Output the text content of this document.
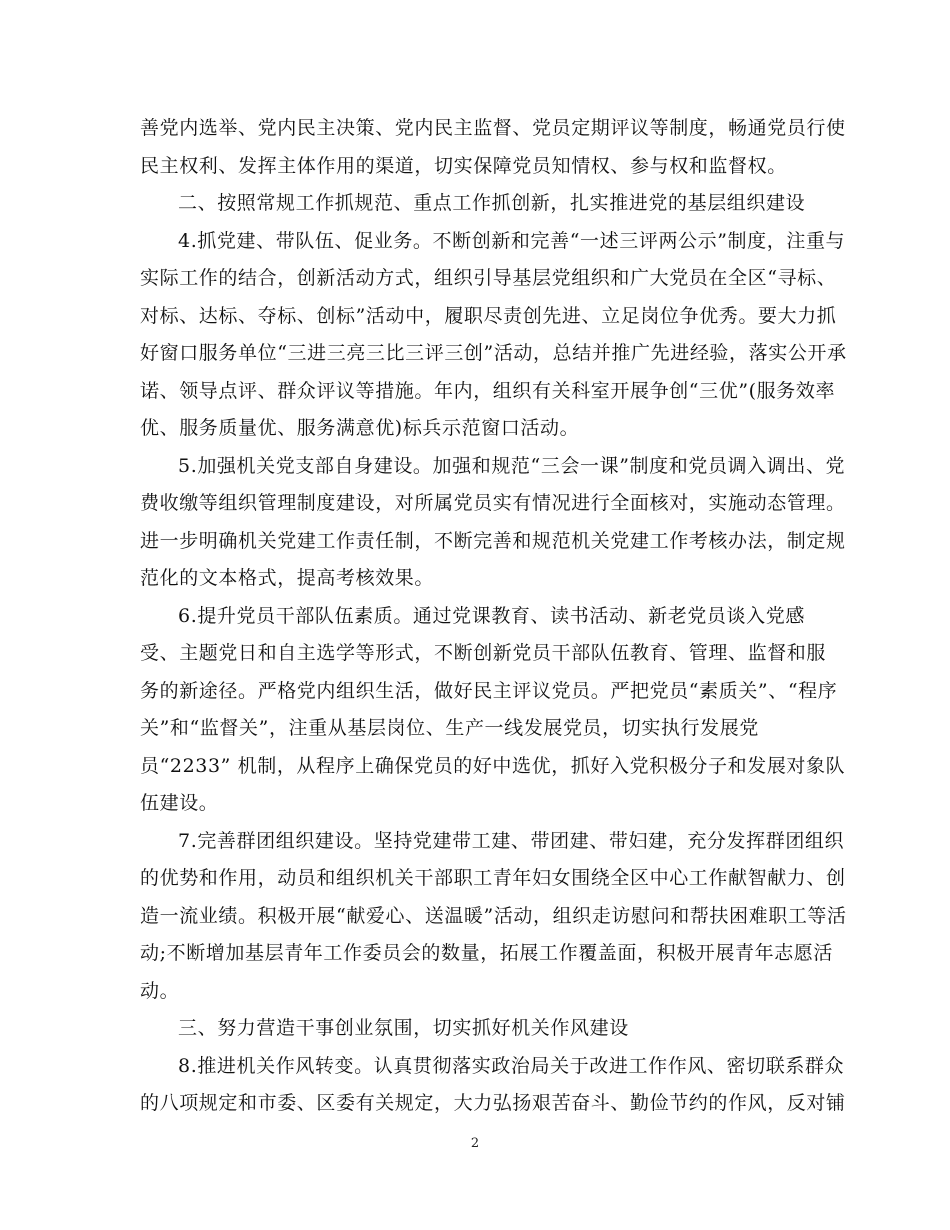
善党内选举、党内民主决策、党内民主监督、党员定期评议等制度，畅通党员行使
民主权利、发挥主体作用的渠道，切实保障党员知情权、参与权和监督权。
二、按照常规工作抓规范、重点工作抓创新，扎实推进党的基层组织建设
4.抓党建、带队伍、促业务。不断创新和完善“一述三评两公示”制度，注重与
实际工作的结合，创新活动方式，组织引导基层党组织和广大党员在全区“寻标、
对标、达标、夺标、创标”活动中，履职尽责创先进、立足岗位争优秀。要大力抓
好窗口服务单位“三进三亮三比三评三创”活动，总结并推广先进经验，落实公开承
诺、领导点评、群众评议等措施。年内，组织有关科室开展争创“三优”(服务效率
优、服务质量优、服务满意优)标兵示范窗口活动。
5.加强机关党支部自身建设。加强和规范“三会一课”制度和党员调入调出、党
费收缴等组织管理制度建设，对所属党员实有情况进行全面核对，实施动态管理。
进一步明确机关党建工作责任制，不断完善和规范机关党建工作考核办法，制定规
范化的文本格式，提高考核效果。
6.提升党员干部队伍素质。通过党课教育、读书活动、新老党员谈入党感
受、主题党日和自主选学等形式，不断创新党员干部队伍教育、管理、监督和服
务的新途径。严格党内组织生活，做好民主评议党员。严把党员“素质关”、“程序
关”和“监督关”，注重从基层岗位、生产一线发展党员，切实执行发展党
员“2233” 机制，从程序上确保党员的好中选优，抓好入党积极分子和发展对象队
伍建设。
7.完善群团组织建设。坚持党建带工建、带团建、带妇建，充分发挥群团组织
的优势和作用，动员和组织机关干部职工青年妇女围绕全区中心工作献智献力、创
造一流业绩。积极开展“献爱心、送温暖”活动，组织走访慰问和帮扶困难职工等活
动;不断增加基层青年工作委员会的数量，拓展工作覆盖面，积极开展青年志愿活
动。
三、努力营造干事创业氛围，切实抓好机关作风建设
8.推进机关作风转变。认真贯彻落实政治局关于改进工作作风、密切联系群众
的八项规定和市委、区委有关规定，大力弘扬艰苦奋斗、勤俭节约的作风，反对铺
2
